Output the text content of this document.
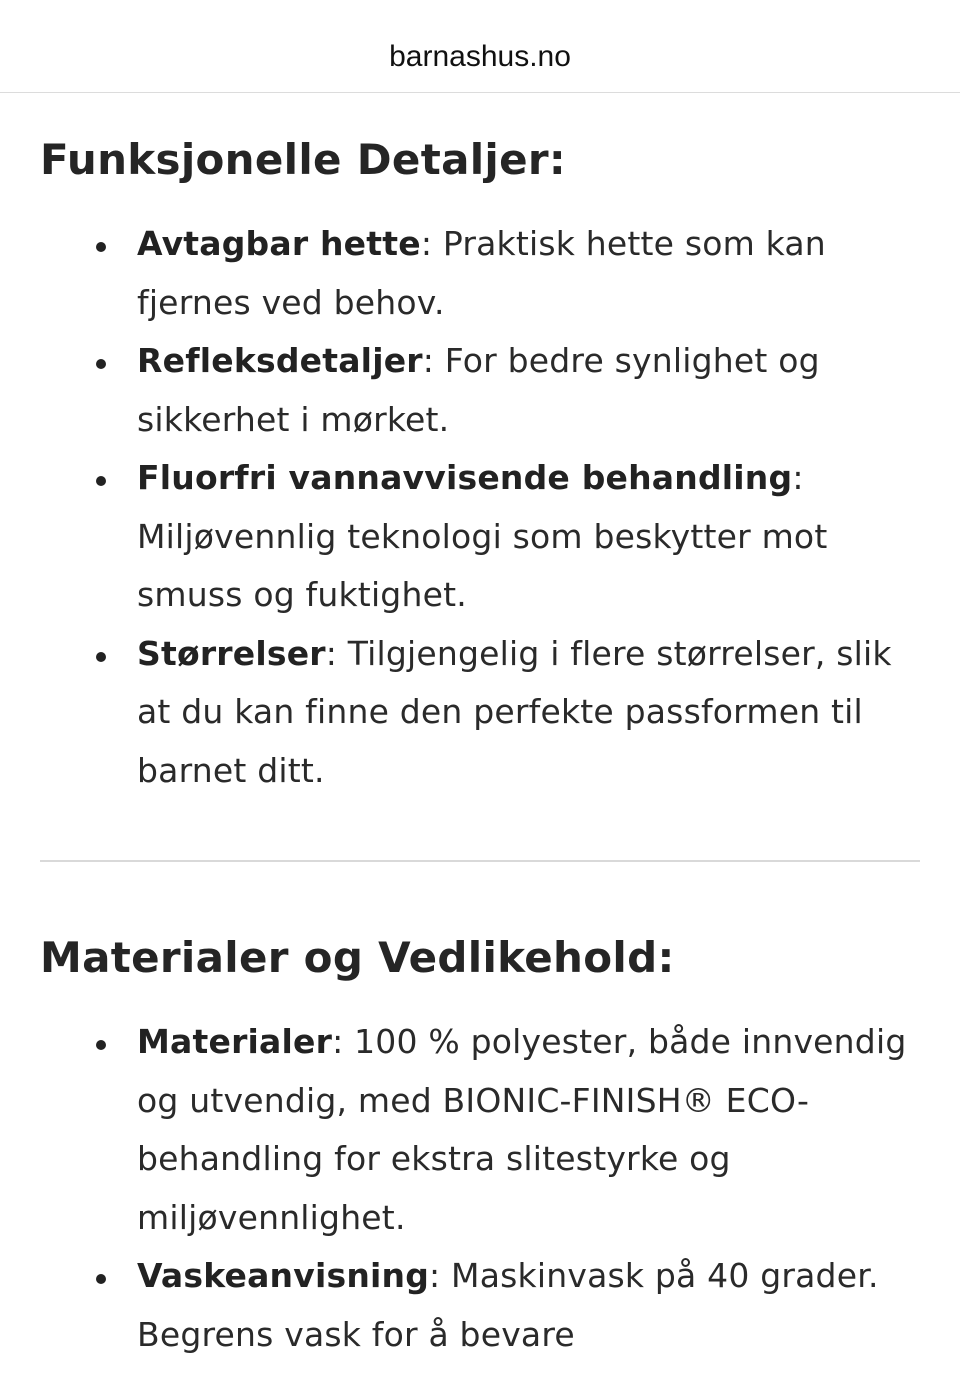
barnashus.no
Funksjonelle Detaljer:
Avtagbar hette: Praktisk hette som kan fjernes ved behov.
Refleksdetaljer: For bedre synlighet og sikkerhet i mørket.
Fluorfri vannavvisende behandling: Miljøvennlig teknologi som beskytter mot smuss og fuktighet.
Størrelser: Tilgjengelig i flere størrelser, slik at du kan finne den perfekte passformen til barnet ditt.
Materialer og Vedlikehold:
Materialer: 100 % polyester, både innvendig og utvendig, med BIONIC-FINISH® ECO-behandling for ekstra slitestyrke og miljøvennlighet.
Vaskeanvisning: Maskinvask på 40 grader. Begrens vask for å bevare
